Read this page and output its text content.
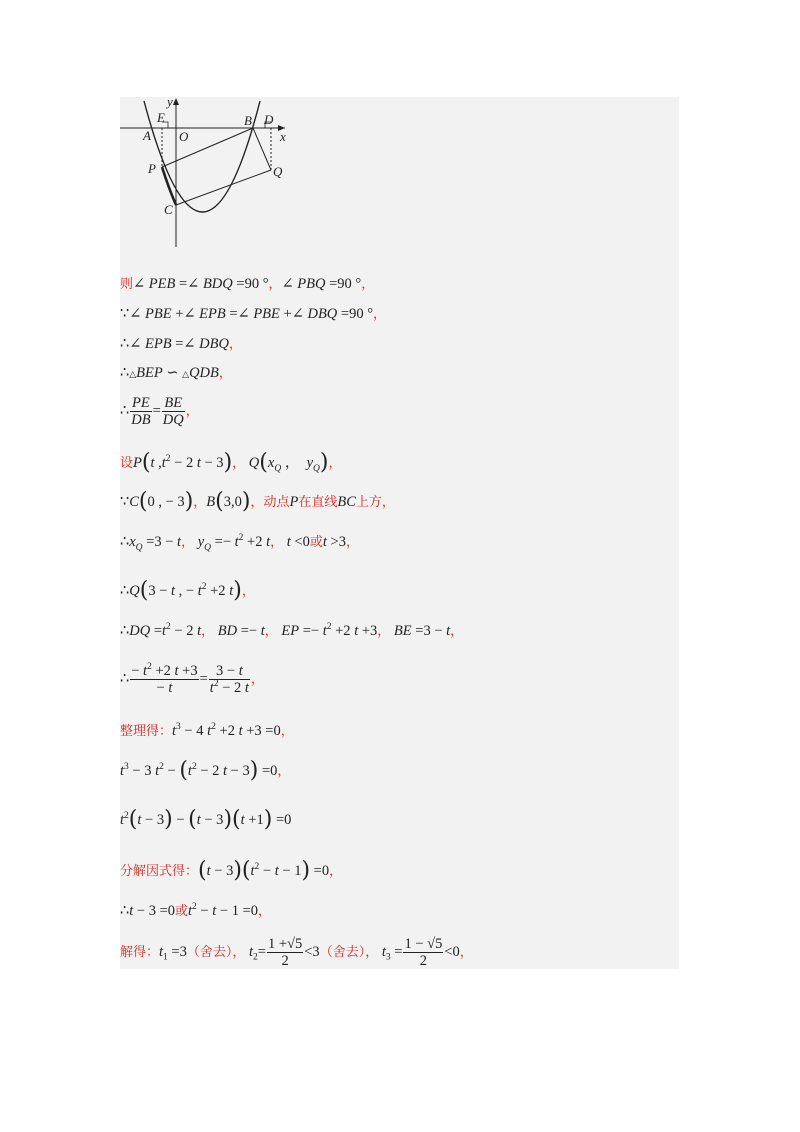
y
x
E
A O
B D
P	Q
C
则∠ PEB =∠ BDQ =90 °，∠ PBQ =90 °，
∵∠ PBE +∠ EPB =∠ PBE +∠ DBQ =90 °，
∴∠ EPB =∠ DBQ，
∴△BEP ∽ △QDB，
∴ $\frac{PE}{DB} = \frac{BE}{DQ}$ ，
设P(t $,t^2 - 2$ t − 3)， $Q(x_Q$ ，  $y_Q$)，
∵C(0 , − 3)，B(3,0)，动点P在直线BC上方，
$\therefore x_Q =3 - t$， $y_Q =- t^2 +2$ t， t <0或t >3，
∴Q(3 − t , − $t^2 +2$ t)，
∴DQ $=t^2 - 2$ t， BD =− t， EP =− $t^2 +2$ t +3， BE =3 − t，
∴ $\frac{- t^2 +2 t +3}{- t} = \frac{3 - t}{t^2 - 2 t}$ ，
整理得：$t^3 - 4$ $t^2 +2$ t +3 =0，
$t^3 - 3$ $t^2 - (t^2 - 2$ t − 3) =0，
$t^2(t - 3) - (t - 3)(t +1) =0$
分解因式得：$(t - 3)(t^2 - t - 1) =0$，
∴t − 3 =0或$t^2 - t - 1 =0$，
解得：$t_1 =3$（舍去）， $t_2= \frac{1 +√5}{2} <3$（舍去）， $t_3 = \frac{1 - √5}{2} <0$，
